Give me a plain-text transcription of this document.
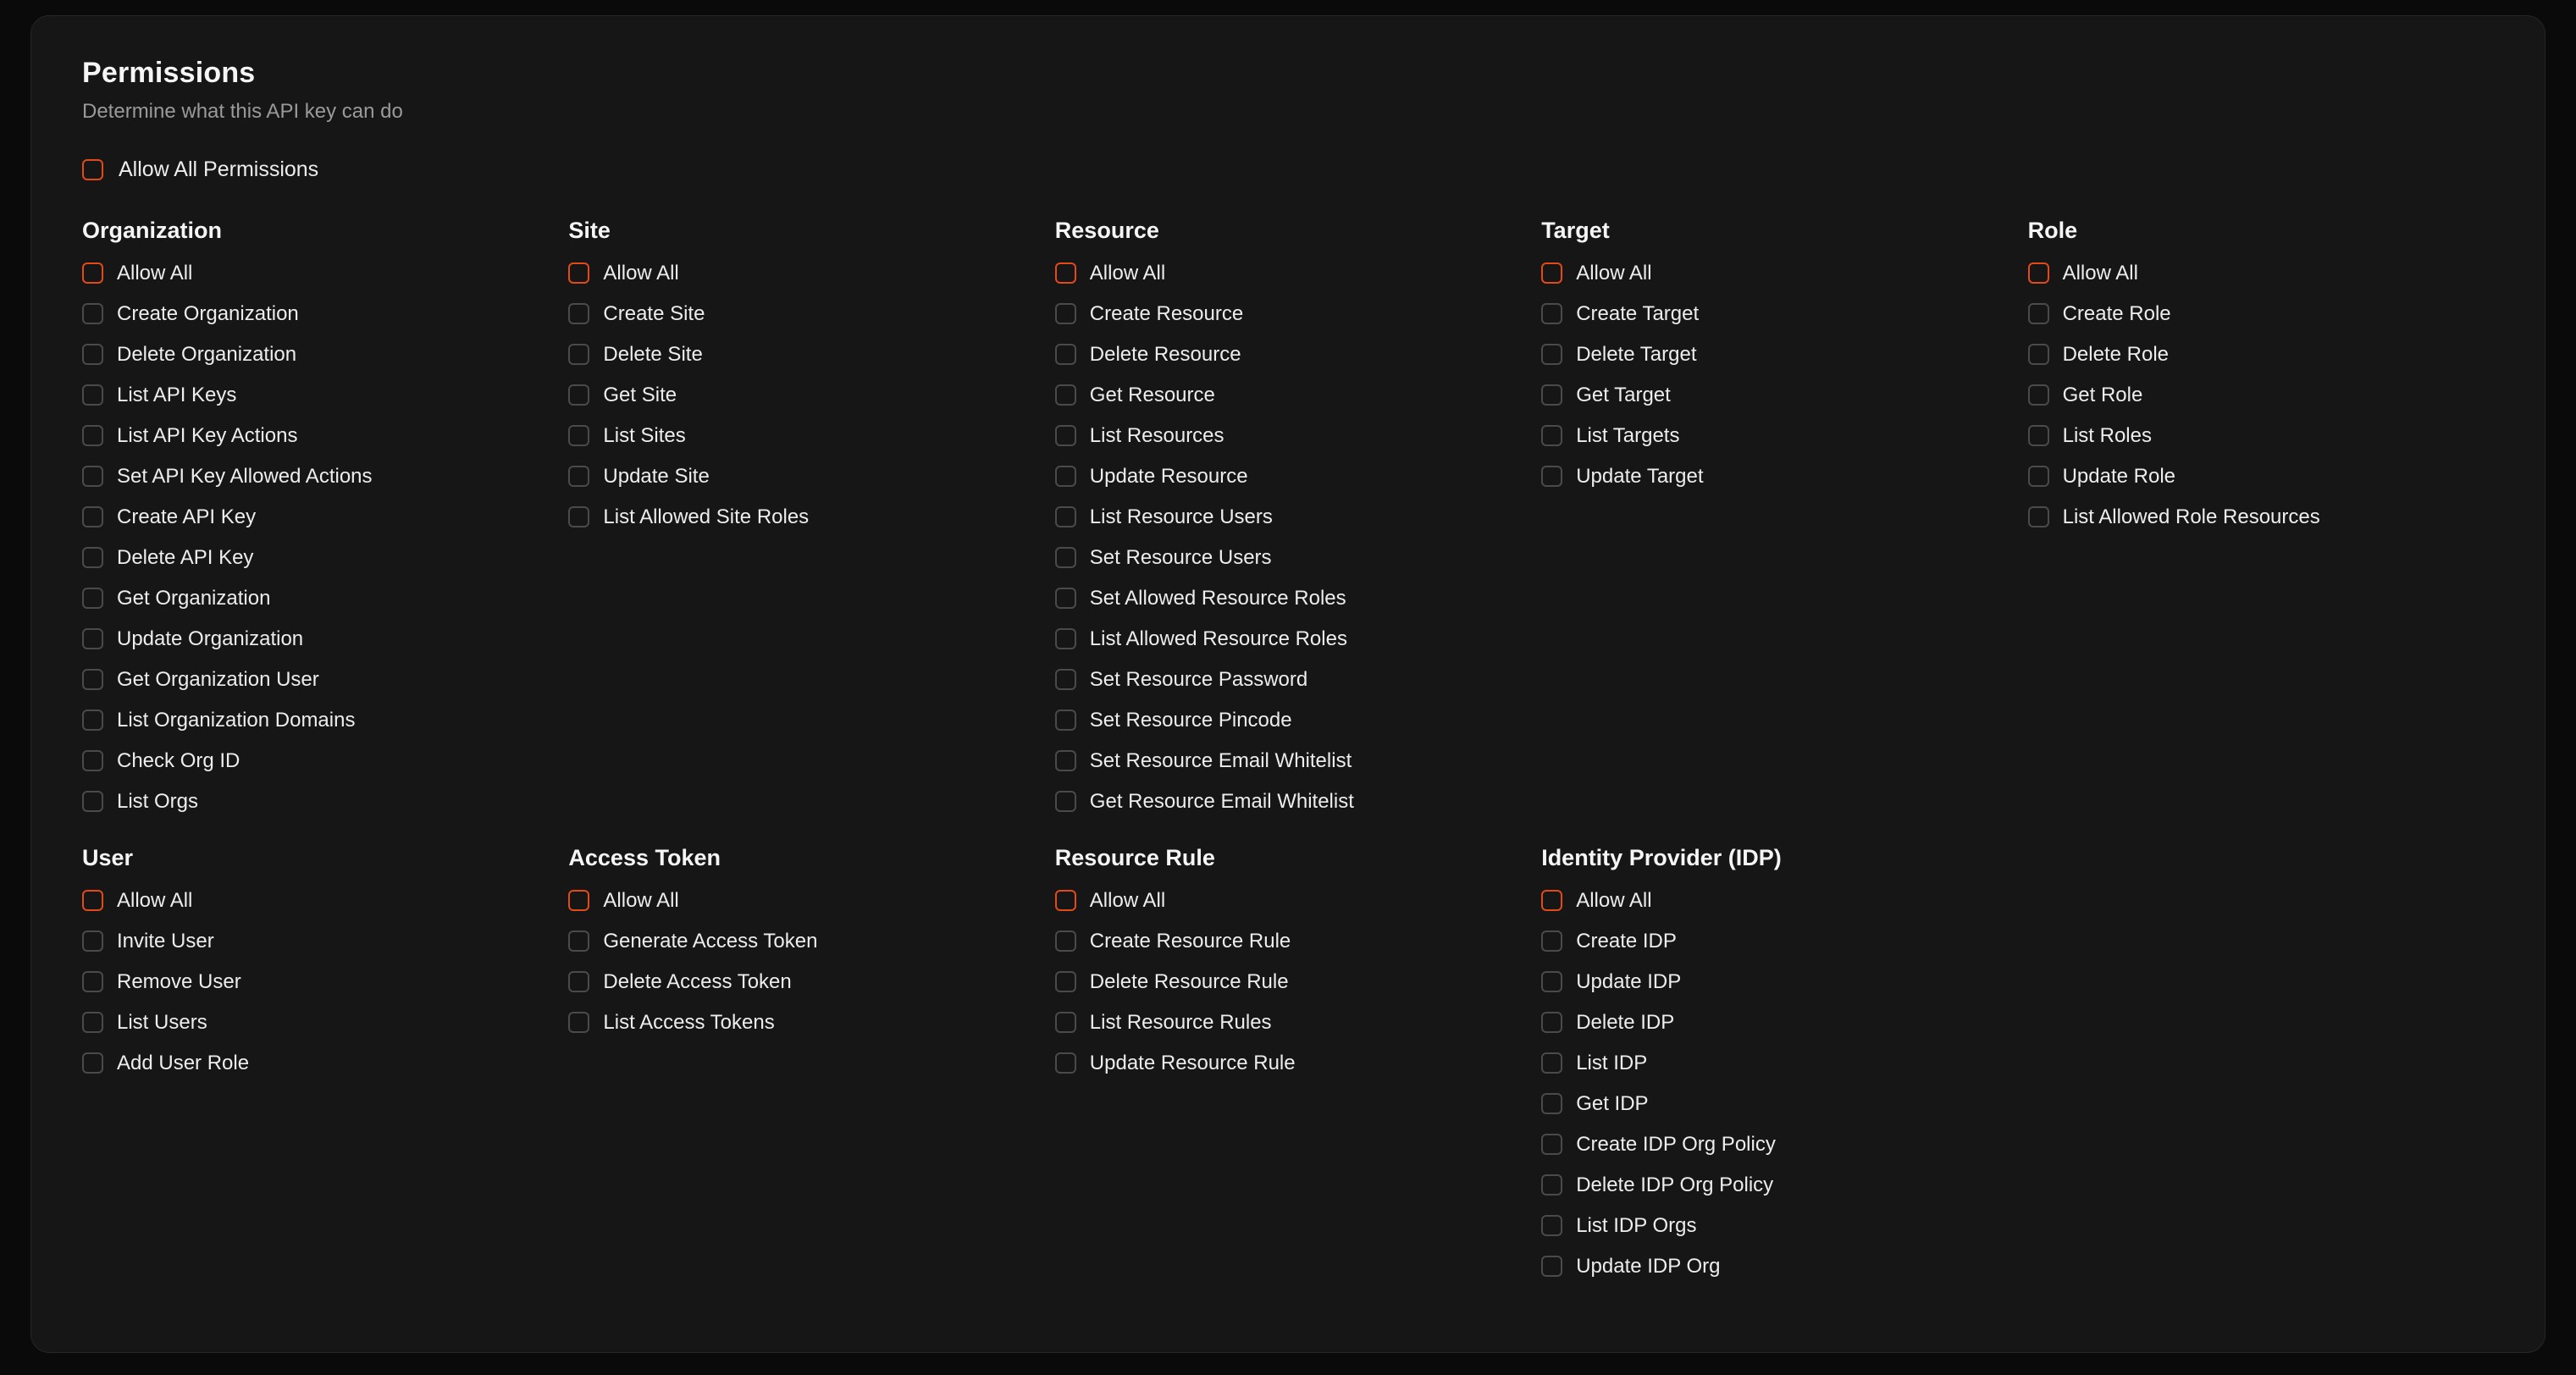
Permissions

Determine what this API key can do

Allow All Permissions
Organization
Allow All
Create Organization
Delete Organization
List API Keys
List API Key Actions
Set API Key Allowed Actions
Create API Key
Delete API Key
Get Organization
Update Organization
Get Organization User
List Organization Domains
Check Org ID
List Orgs
Site
Allow All
Create Site
Delete Site
Get Site
List Sites
Update Site
List Allowed Site Roles
Resource
Allow All
Create Resource
Delete Resource
Get Resource
List Resources
Update Resource
List Resource Users
Set Resource Users
Set Allowed Resource Roles
List Allowed Resource Roles
Set Resource Password
Set Resource Pincode
Set Resource Email Whitelist
Get Resource Email Whitelist
Target
Allow All
Create Target
Delete Target
Get Target
List Targets
Update Target
Role
Allow All
Create Role
Delete Role
Get Role
List Roles
Update Role
List Allowed Role Resources
User
Allow All
Invite User
Remove User
List Users
Add User Role
Access Token
Allow All
Generate Access Token
Delete Access Token
List Access Tokens
Resource Rule
Allow All
Create Resource Rule
Delete Resource Rule
List Resource Rules
Update Resource Rule
Identity Provider (IDP)
Allow All
Create IDP
Update IDP
Delete IDP
List IDP
Get IDP
Create IDP Org Policy
Delete IDP Org Policy
List IDP Orgs
Update IDP Org
